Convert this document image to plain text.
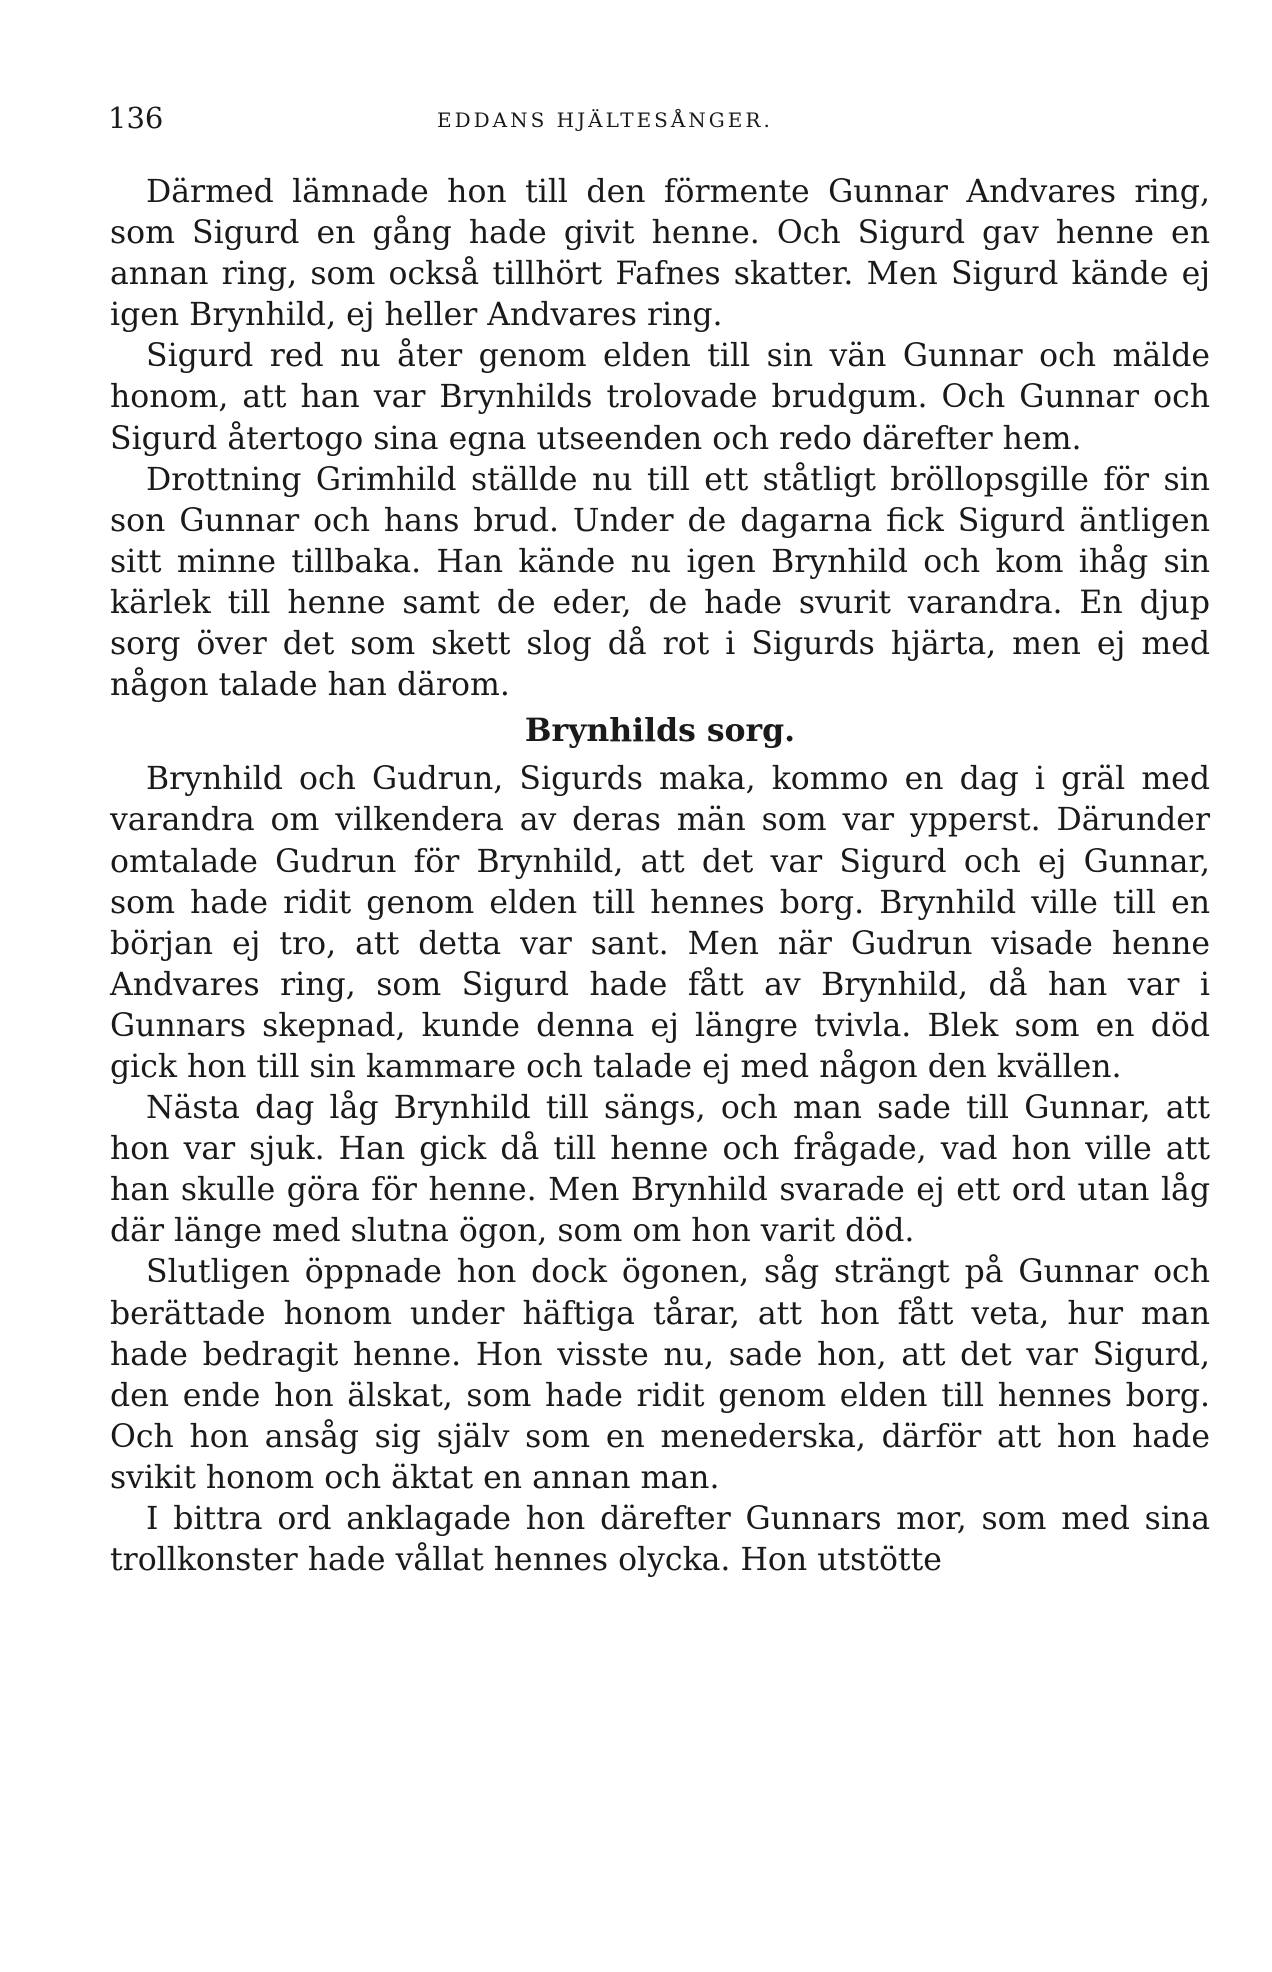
136	EDDANS HJÄLTESÅNGER.

Därmed lämnade hon till den förmente Gunnar Andvares ring, som Sigurd en gång hade givit henne. Och Sigurd gav henne en annan ring, som också tillhört Fafnes skatter. Men Sigurd kände ej igen Brynhild, ej heller Andvares ring.

Sigurd red nu åter genom elden till sin vän Gunnar och mälde honom, att han var Brynhilds trolovade brudgum. Och Gunnar och Sigurd återtogo sina egna utseenden och redo därefter hem.

Drottning Grimhild ställde nu till ett ståtligt bröllopsgille för sin son Gunnar och hans brud. Under de dagarna fick Sigurd äntligen sitt minne tillbaka. Han kände nu igen Brynhild och kom ihåg sin kärlek till henne samt de eder, de hade svurit varandra. En djup sorg över det som skett slog då rot i Sigurds hjärta, men ej med någon talade han därom.

Brynhilds sorg.

Brynhild och Gudrun, Sigurds maka, kommo en dag i gräl med varandra om vilkendera av deras män som var ypperst. Därunder omtalade Gudrun för Brynhild, att det var Sigurd och ej Gunnar, som hade ridit genom elden till hennes borg. Brynhild ville till en början ej tro, att detta var sant. Men när Gudrun visade henne Andvares ring, som Sigurd hade fått av Brynhild, då han var i Gunnars skepnad, kunde denna ej längre tvivla. Blek som en död gick hon till sin kammare och talade ej med någon den kvällen.

Nästa dag låg Brynhild till sängs, och man sade till Gunnar, att hon var sjuk. Han gick då till henne och frågade, vad hon ville att han skulle göra för henne. Men Brynhild svarade ej ett ord utan låg där länge med slutna ögon, som om hon varit död.

Slutligen öppnade hon dock ögonen, såg strängt på Gunnar och berättade honom under häftiga tårar, att hon fått veta, hur man hade bedragit henne. Hon visste nu, sade hon, att det var Sigurd, den ende hon älskat, som hade ridit genom elden till hennes borg. Och hon ansåg sig själv som en menederska, därför att hon hade svikit honom och äktat en annan man.

I bittra ord anklagade hon därefter Gunnars mor, som med sina trollkonster hade vållat hennes olycka. Hon utstötte
